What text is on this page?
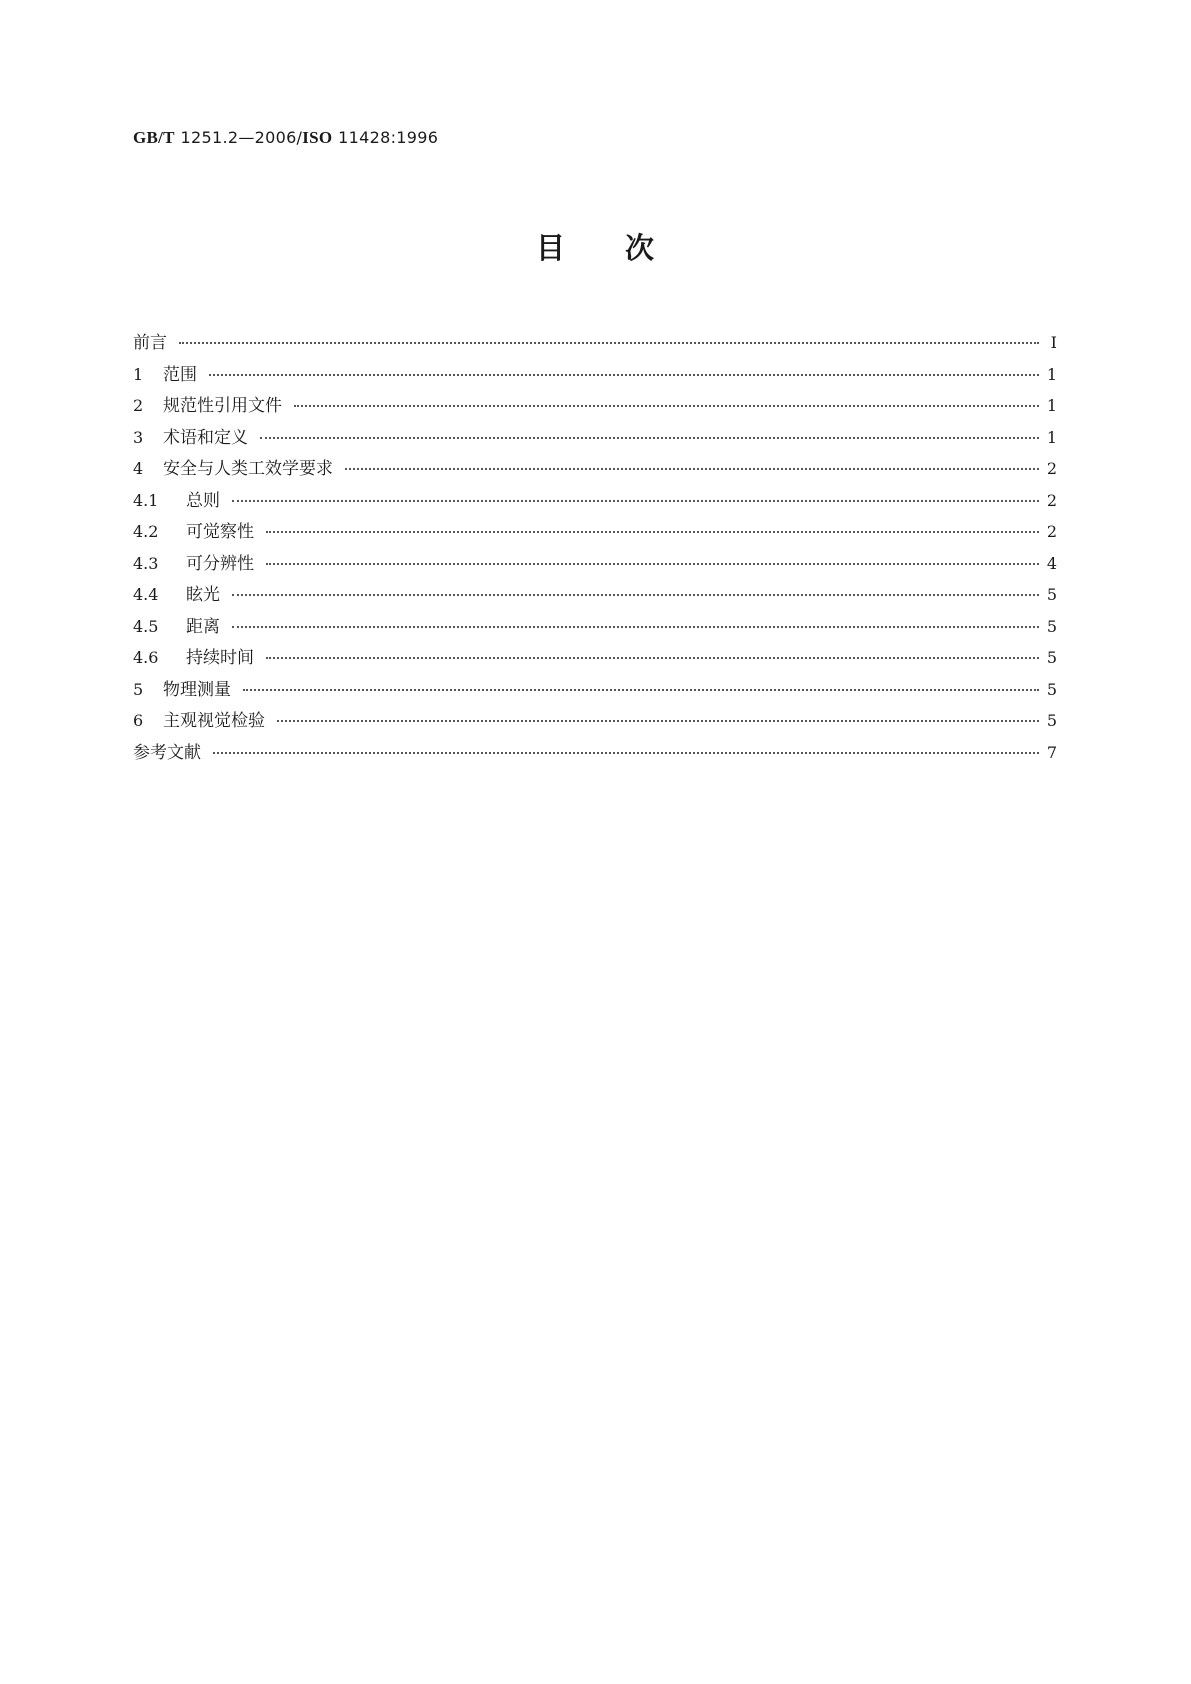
GB/T 1251.2—2006/ISO 11428:1996
目次
前言	Ⅰ
1	范围	1
2	规范性引用文件	1
3	术语和定义	1
4	安全与人类工效学要求	2
4.1	总则	2
4.2	可觉察性	2
4.3	可分辨性	4
4.4	眩光	5
4.5	距离	5
4.6	持续时间	5
5	物理测量	5
6	主观视觉检验	5
参考文献	7
